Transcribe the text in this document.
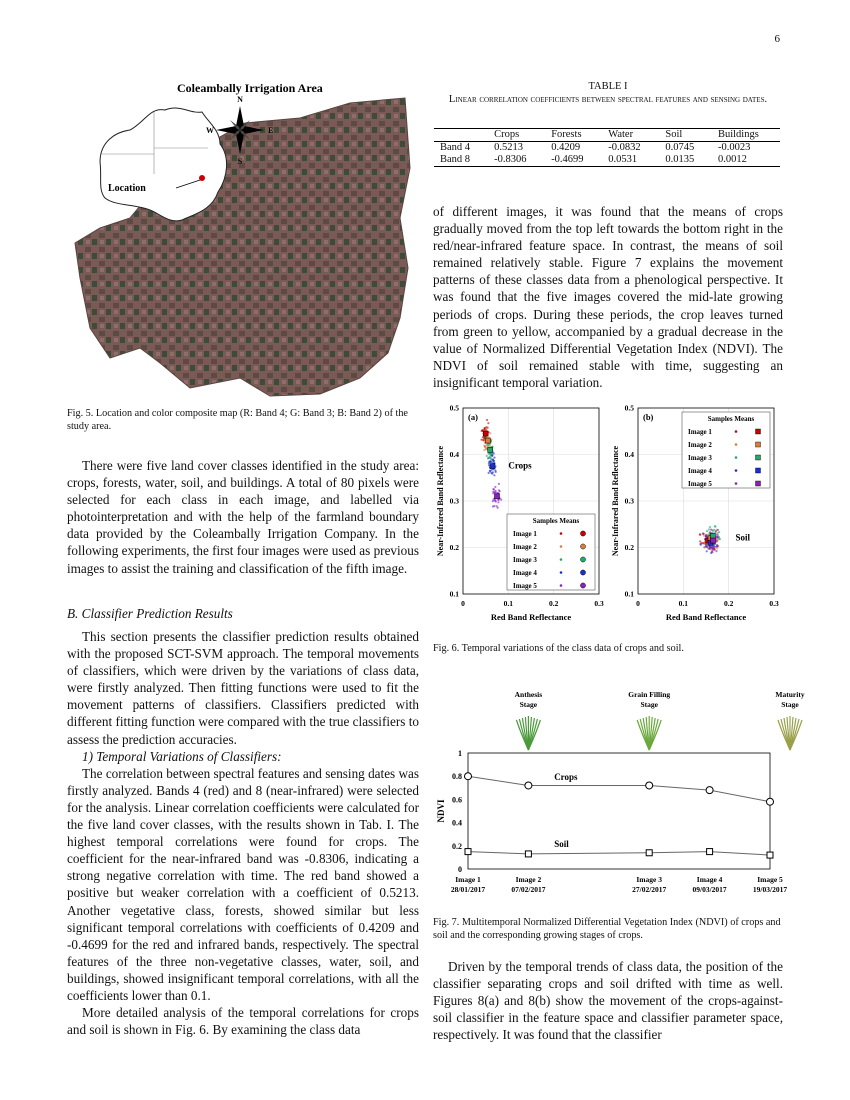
6
N
S
E
W
Coleambally Irrigation Area
Location
Fig. 5. Location and color composite map (R: Band 4; G: Band 3; B: Band 2) of the study area.

There were five land cover classes identified in the study area: crops, forests, water, soil, and buildings. A total of 80 pixels were selected for each class in each image, and labelled via photointerpretation and with the help of the farmland boundary data provided by the Coleambally Irrigation Company. In the following experiments, the first four images were used as previous images to assist the training and classification of the fifth image.

B. Classifier Prediction Results

This section presents the classifier prediction results obtained with the proposed SCT-SVM approach. The temporal movements of classifiers, which were driven by the variations of class data, were firstly analyzed. Then fitting functions were used to fit the movement patterns of classifiers. Classifiers predicted with different fitting function were compared with the true classifiers to assess the prediction accuracies.

1) Temporal Variations of Classifiers:

The correlation between spectral features and sensing dates was firstly analyzed. Bands 4 (red) and 8 (near-infrared) were selected for the analysis. Linear correlation coefficients were calculated for the five land cover classes, with the results shown in Tab. I. The highest temporal correlations were found for crops. The coefficient for the near-infrared band was -0.8306, indicating a strong negative correlation with time. The red band showed a positive but weaker correlation with a coefficient of 0.5213. Another vegetative class, forests, showed similar but less significant temporal correlations with coefficients of 0.4209 and -0.4699 for the red and infrared bands, respectively. The spectral features of the three non-vegetative classes, water, soil, and buildings, showed insignificant temporal correlations, with all the coefficients lower than 0.1.

More detailed analysis of the temporal correlations for crops and soil is shown in Fig. 6. By examining the class data

TABLE I
Linear correlation coefficients between spectral features and sensing dates.
	Crops	Forests	Water	Soil	Buildings
Band 4	0.5213	0.4209	-0.0832	0.0745	-0.0023
Band 8	-0.8306	-0.4699	0.0531	0.0135	0.0012

of different images, it was found that the means of crops gradually moved from the top left towards the bottom right in the red/near-infrared feature space. In contrast, the means of soil remained relatively stable. Figure 7 explains the movement patterns of these classes data from a phenological perspective. It was found that the five images covered the mid-late growing periods of crops. During these periods, the crop leaves turned from green to yellow, accompanied by a gradual decrease in the value of Normalized Differential Vegetation Index (NDVI). The NDVI of soil remained stable with time, suggesting an insignificant temporal variation.

0	0.1	0.2	0.3
0.1
0.2
0.3
0.4
0.5
Red Band Reflectance
Near-Infrared Band Reflectance
(a)
Crops
Samples Means
Image 1
Image 2
Image 3
Image 4
Image 5
0	0.1	0.2	0.3
0.1
0.2
0.3
0.4
0.5
Red Band Reflectance
Near-Infrared Band Reflectance
(b)
Soil
Samples Means
Image 1
Image 2
Image 3
Image 4
Image 5
Fig. 6. Temporal variations of the class data of crops and soil.
Anthesis
Stage
Grain Filling
Stage
Maturity
Stage
0
0.2
0.4
0.6
0.8
1
NDVI
Crops
Soil
Image 1
28/01/2017
Image 2
07/02/2017
Image 3
27/02/2017
Image 4
09/03/2017
Image 5
19/03/2017
Fig. 7. Multitemporal Normalized Differential Vegetation Index (NDVI) of crops and soil and the corresponding growing stages of crops.

Driven by the temporal trends of class data, the position of the classifier separating crops and soil drifted with time as well. Figures 8(a) and 8(b) show the movement of the crops-against-soil classifier in the feature space and classifier parameter space, respectively. It was found that the classifier
